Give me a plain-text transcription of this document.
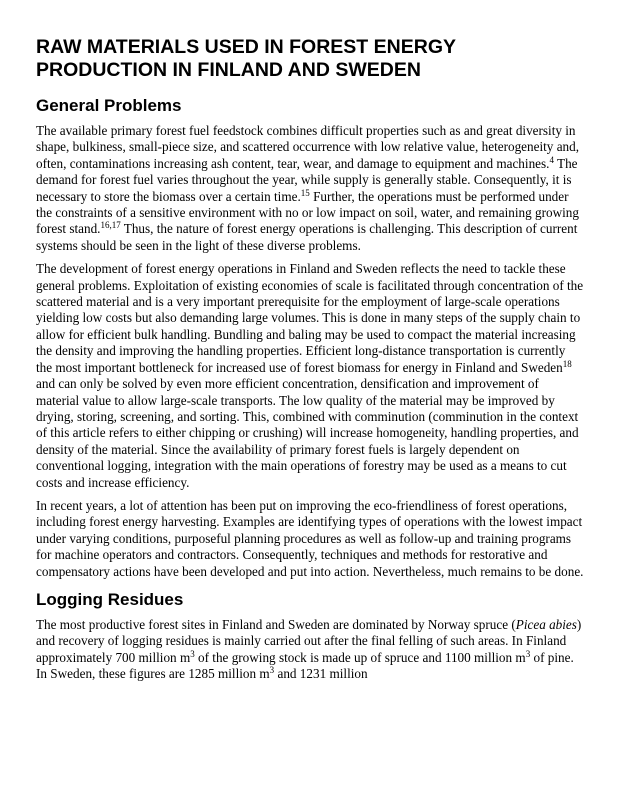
RAW MATERIALS USED IN FOREST ENERGY PRODUCTION IN FINLAND AND SWEDEN
General Problems

The available primary forest fuel feedstock combines difficult properties such as and great diversity in shape, bulkiness, small-piece size, and scattered occurrence with low relative value, heterogeneity and, often, contaminations increasing ash content, tear, wear, and damage to equipment and machines.$^4$ The demand for forest fuel varies throughout the year, while supply is generally stable. Consequently, it is necessary to store the biomass over a certain time.$^{15}$ Further, the operations must be performed under the constraints of a sensitive environment with no or low impact on soil, water, and remaining growing forest stand.$^{16,17}$ Thus, the nature of forest energy operations is challenging. This description of current systems should be seen in the light of these diverse problems.

The development of forest energy operations in Finland and Sweden reflects the need to tackle these general problems. Exploitation of existing economies of scale is facilitated through concentration of the scattered material and is a very important prerequisite for the employment of large-scale operations yielding low costs but also demanding large volumes. This is done in many steps of the supply chain to allow for efficient bulk handling. Bundling and baling may be used to compact the material increasing the density and improving the handling properties. Efficient long-distance transportation is currently the most important bottleneck for increased use of forest biomass for energy in Finland and Sweden$^{18}$ and can only be solved by even more efficient concentration, densification and improvement of material value to allow large-scale transports. The low quality of the material may be improved by drying, storing, screening, and sorting. This, combined with comminution (comminution in the context of this article refers to either chipping or crushing) will increase homogeneity, handling properties, and density of the material. Since the availability of primary forest fuels is largely dependent on conventional logging, integration with the main operations of forestry may be used as a means to cut costs and increase efficiency.

In recent years, a lot of attention has been put on improving the eco-friendliness of forest operations, including forest energy harvesting. Examples are identifying types of operations with the lowest impact under varying conditions, purposeful planning procedures as well as follow-up and training programs for machine operators and contractors. Consequently, techniques and methods for restorative and compensatory actions have been developed and put into action. Nevertheless, much remains to be done.

Logging Residues

The most productive forest sites in Finland and Sweden are dominated by Norway spruce (Picea abies) and recovery of logging residues is mainly carried out after the final felling of such areas. In Finland approximately 700 million $m^3$ of the growing stock is made up of spruce and 1100 million $m^3$ of pine. In Sweden, these figures are 1285 million $m^3$ and 1231 million
